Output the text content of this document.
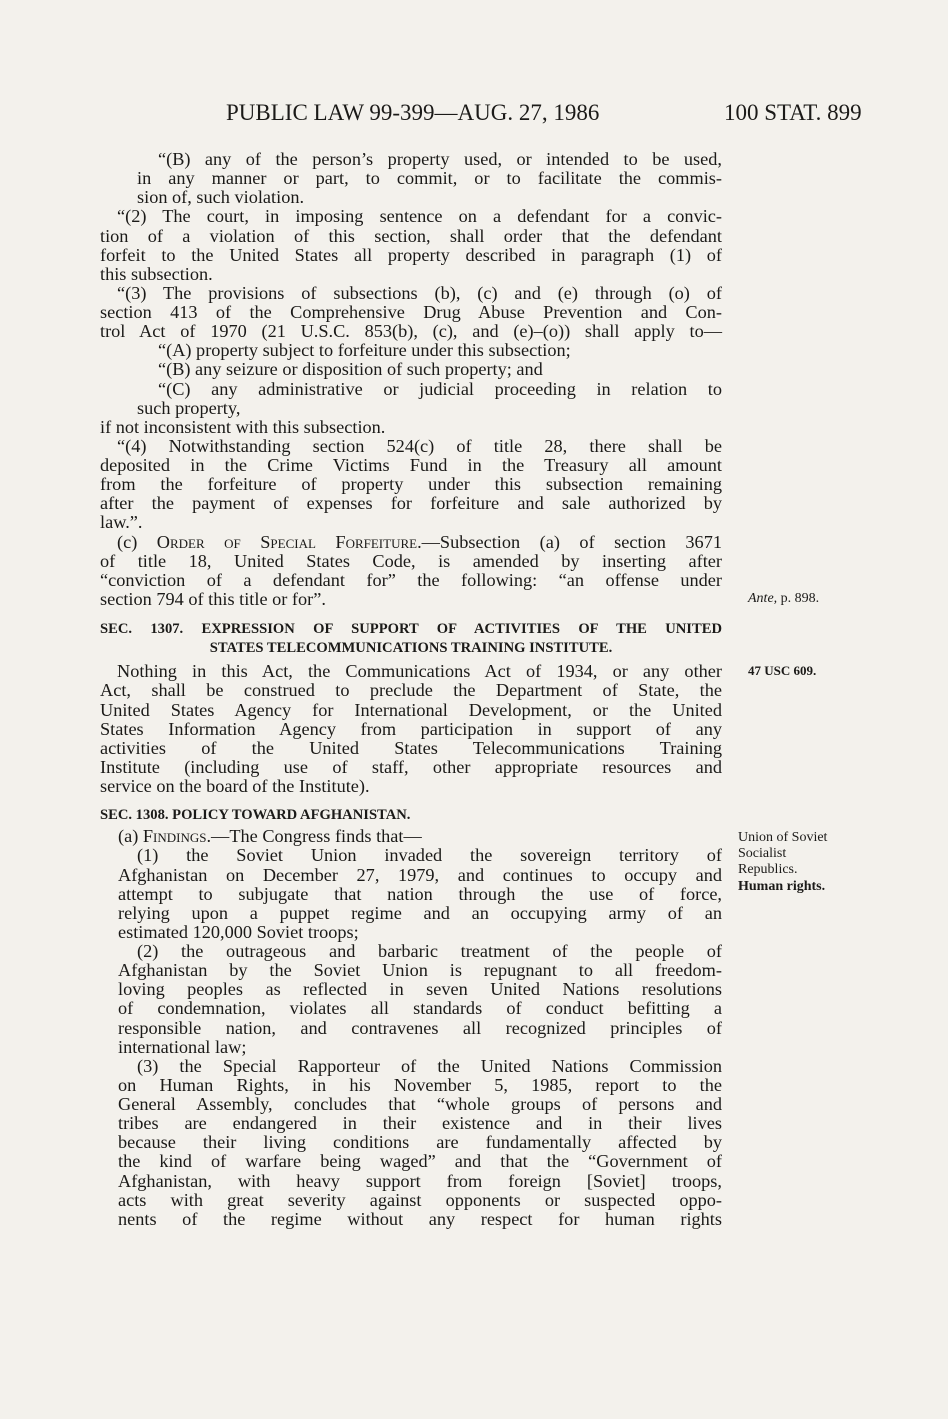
PUBLIC LAW 99-399—AUG. 27, 1986	100 STAT. 899
“(B) any of the person’s property used, or intended to be used,
in any manner or part, to commit, or to facilitate the commis-
sion of, such violation.
“(2) The court, in imposing sentence on a defendant for a convic-
tion of a violation of this section, shall order that the defendant
forfeit to the United States all property described in paragraph (1) of
this subsection.
“(3) The provisions of subsections (b), (c) and (e) through (o) of
section 413 of the Comprehensive Drug Abuse Prevention and Con-
trol Act of 1970 (21 U.S.C. 853(b), (c), and (e)–(o)) shall apply to—
“(A) property subject to forfeiture under this subsection;
“(B) any seizure or disposition of such property; and
“(C) any administrative or judicial proceeding in relation to
such property,
if not inconsistent with this subsection.
“(4) Notwithstanding section 524(c) of title 28, there shall be
deposited in the Crime Victims Fund in the Treasury all amount
from the forfeiture of property under this subsection remaining
after the payment of expenses for forfeiture and sale authorized by
law.”.
(c) Order of Special Forfeiture.—Subsection (a) of section 3671
of title 18, United States Code, is amended by inserting after
“conviction of a defendant for” the following: “an offense under
section 794 of this title or for”.
SEC. 1307. EXPRESSION OF SUPPORT OF ACTIVITIES OF THE UNITED
STATES TELECOMMUNICATIONS TRAINING INSTITUTE.
Nothing in this Act, the Communications Act of 1934, or any other
Act, shall be construed to preclude the Department of State, the
United States Agency for International Development, or the United
States Information Agency from participation in support of any
activities of the United States Telecommunications Training
Institute (including use of staff, other appropriate resources and
service on the board of the Institute).
SEC. 1308. POLICY TOWARD AFGHANISTAN.
(a) Findings.—The Congress finds that—
(1) the Soviet Union invaded the sovereign territory of
Afghanistan on December 27, 1979, and continues to occupy and
attempt to subjugate that nation through the use of force,
relying upon a puppet regime and an occupying army of an
estimated 120,000 Soviet troops;
(2) the outrageous and barbaric treatment of the people of
Afghanistan by the Soviet Union is repugnant to all freedom-
loving peoples as reflected in seven United Nations resolutions
of condemnation, violates all standards of conduct befitting a
responsible nation, and contravenes all recognized principles of
international law;
(3) the Special Rapporteur of the United Nations Commission
on Human Rights, in his November 5, 1985, report to the
General Assembly, concludes that “whole groups of persons and
tribes are endangered in their existence and in their lives
because their living conditions are fundamentally affected by
the kind of warfare being waged” and that the “Government of
Afghanistan, with heavy support from foreign [Soviet] troops,
acts with great severity against opponents or suspected oppo-
nents of the regime without any respect for human rights
Ante, p. 898.
47 USC 609.
Union of Soviet
Socialist
Republics.
Human rights.
